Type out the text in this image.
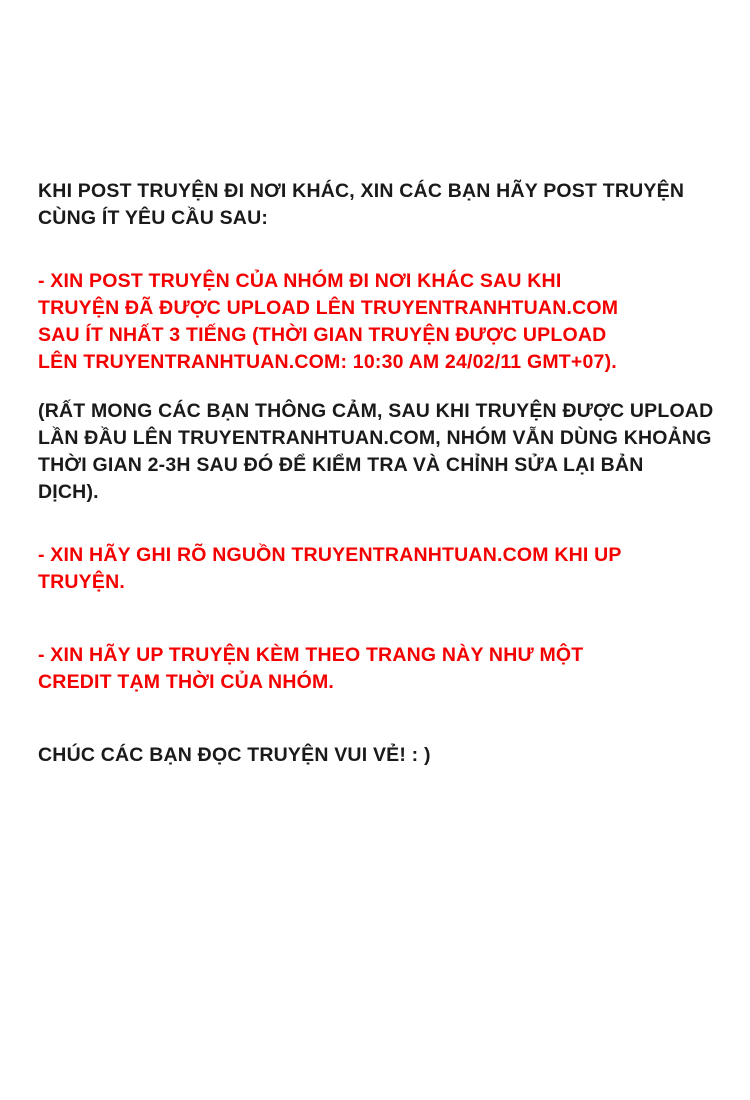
KHI POST TRUYỆN ĐI NƠI KHÁC, XIN CÁC BẠN HÃY POST TRUYỆN

CÙNG ÍT YÊU CẦU SAU:

- XIN POST TRUYỆN CỦA NHÓM ĐI NƠI KHÁC SAU KHI

TRUYỆN ĐÃ ĐƯỢC UPLOAD LÊN TRUYENTRANHTUAN.COM

SAU ÍT NHẤT 3 TIẾNG (THỜI GIAN TRUYỆN ĐƯỢC UPLOAD

LÊN TRUYENTRANHTUAN.COM: 10:30 AM 24/02/11 GMT+07).

(RẤT MONG CÁC BẠN THÔNG CẢM, SAU KHI TRUYỆN ĐƯỢC UPLOAD

LẦN ĐẦU LÊN TRUYENTRANHTUAN.COM, NHÓM VẪN DÙNG KHOẢNG

THỜI GIAN 2-3H SAU ĐÓ ĐỂ KIỂM TRA VÀ CHỈNH SỬA LẠI BẢN

DỊCH).

- XIN HÃY GHI RÕ NGUỒN TRUYENTRANHTUAN.COM KHI UP

TRUYỆN.

- XIN HÃY UP TRUYỆN KÈM THEO TRANG NÀY NHƯ MỘT

CREDIT TẠM THỜI CỦA NHÓM.

CHÚC CÁC BẠN ĐỌC TRUYỆN VUI VẺ! : )
